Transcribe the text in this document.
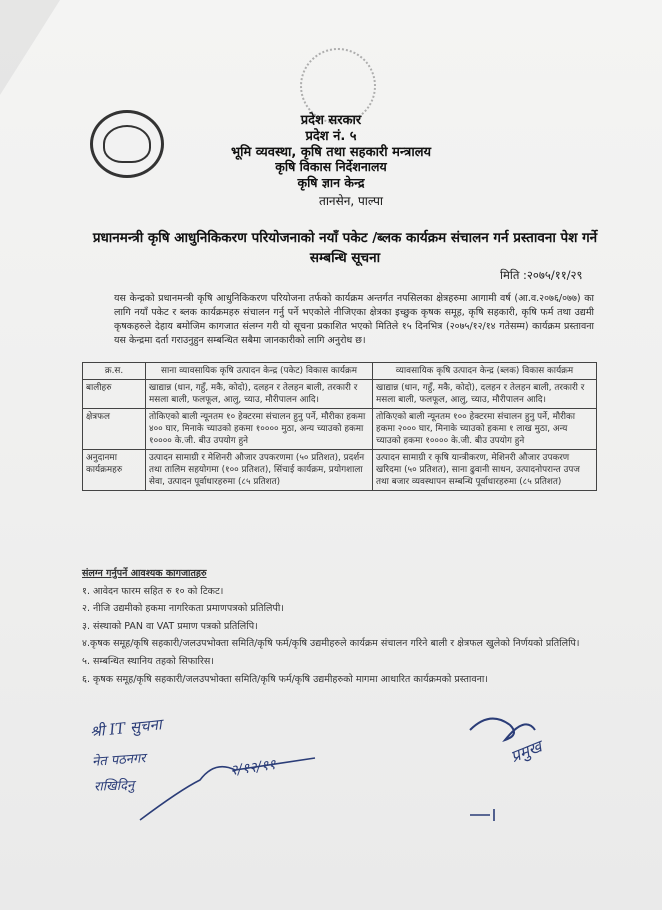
प्रदेश सरकार
प्रदेश नं. ५
भूमि व्यवस्था, कृषि तथा सहकारी मन्त्रालय
कृषि विकास निर्देशनालय
कृषि ज्ञान केन्द्र
तानसेन, पाल्पा
प्रधानमन्त्री कृषि आधुनिकिकरण परियोजनाको नयाँ पकेट /ब्लक कार्यक्रम संचालन गर्न प्रस्तावना पेश गर्ने सम्बन्धि सूचना
मिति :२०७५/११/२९
यस केन्द्रको प्रधानमन्त्री कृषि आधुनिकिकरण परियोजना तर्फको कार्यक्रम अन्तर्गत नपसिलका क्षेत्रहरुमा आगामी वर्ष (आ.व.२०७६/०७७) का लागि नयाँ पकेट र ब्लक कार्यक्रमहरु संचालन गर्नु पर्ने भएकोले नीजिएका क्षेत्रका इच्छुक कृषक समूह, कृषि सहकारी, कृषि फर्म तथा उद्यमी कृषकहरुले देहाय बमोजिम कागजात संलग्न गरी यो सूचना प्रकाशित भएको मितिले १५ दिनभित्र (२०७५/१२/१४ गतेसम्म) कार्यक्रम प्रस्तावना यस केन्द्रमा दर्ता गराउनुहुन सम्बन्धित सबैमा जानकारीको लागि अनुरोध छ।
क्र.स.	साना व्यावसायिक कृषि उत्पादन केन्द्र (पकेट) विकास कार्यक्रम	व्यावसायिक कृषि उत्पादन केन्द्र (ब्लक) विकास कार्यक्रम
बालीहरु	खाद्यान्न (धान, गहुँ, मकै, कोदो), दलहन र तेलहन बाली, तरकारी र मसला बाली, फलफूल, आलु, च्याउ, मौरीपालन आदि।	खाद्यान्न (धान, गहुँ, मकै, कोदो), दलहन र तेलहन बाली, तरकारी र मसला बाली, फलफूल, आलु, च्याउ, मौरीपालन आदि।
क्षेत्रफल	तोकिएको बाली न्यूनतम १० हेक्टरमा संचालन हुनु पर्ने, मौरीका हकमा ४०० घार, मिनाके च्याउको हकमा १०००० मुठा, अन्य च्याउको हकमा १०००० के.जी. बीउ उपयोग हुने	तोकिएको बाली न्यूनतम १०० हेक्टरमा संचालन हुनु पर्ने, मौरीका हकमा २००० घार, मिनाके च्याउको हकमा १ लाख मुठा, अन्य च्याउको हकमा १०००० के.जी. बीउ उपयोग हुने
अनुदानमा कार्यक्रमहरु	उत्पादन सामाग्री र मेशिनरी औजार उपकरणमा (५० प्रतिशत), प्रदर्शन तथा तालिम सहयोगमा (१०० प्रतिशत), सिंचाई कार्यक्रम, प्रयोगशाला सेवा, उत्पादन पूर्वाधारहरुमा (८५ प्रतिशत)	उत्पादन सामाग्री र कृषि यान्त्रीकरण, मेशिनरी औजार उपकरण खरिदमा (५० प्रतिशत), साना ढुवानी साधन, उत्पादनोपरान्त उपज तथा बजार व्यवस्थापन सम्बन्धि पूर्वाधारहरुमा (८५ प्रतिशत)
संलग्न गर्नुपर्ने आवश्यक कागजातहरु
१. आवेदन फारम सहित रु १० को टिकट।
२. नीजि उद्यमीको हकमा नागरिकता प्रमाणपत्रको प्रतिलिपी।
३. संस्थाको PAN वा VAT प्रमाण पत्रको प्रतिलिपि।
४.कृषक समूह/कृषि सहकारी/जलउपभोक्ता समिति/कृषि फर्म/कृषि उद्यमीहरुले कार्यक्रम संचालन गरिने बाली र क्षेत्रफल खुलेको निर्णयको प्रतिलिपि।
५. सम्बन्धित स्थानिय तहको सिफारिस।
६. कृषक समूह/कृषि सहकारी/जलउपभोक्ता समिति/कृषि फर्म/कृषि उद्यमीहरुको मागमा आधारित कार्यक्रमको प्रस्तावना।
श्री IT सुचना
नेत पठनगर
राखिदिनु
२/१२/११
प्रमुख
